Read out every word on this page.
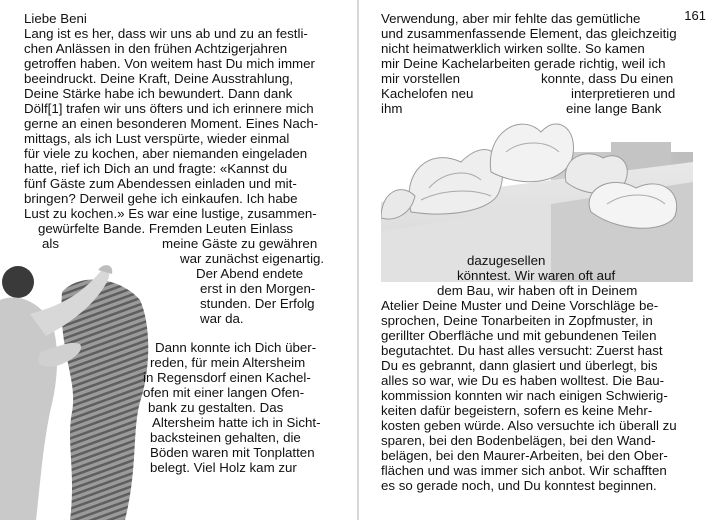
Liebe Beni
Lang ist es her, dass wir uns ab und zu an festli-
chen Anlässen in den frühen Achtzigerjahren
getroffen haben. Von weitem hast Du mich immer
beeindruckt. Deine Kraft, Deine Ausstrahlung,
Deine Stärke habe ich bewundert. Dann dank
Dölf[1] trafen wir uns öfters und ich erinnere mich
gerne an einen besonderen Moment. Eines Nach-
mittags, als ich Lust verspürte, wieder einmal
für viele zu kochen, aber niemanden eingeladen
hatte, rief ich Dich an und fragte: «Kannst du
fünf Gäste zum Abendessen einladen und mit-
bringen? Derweil gehe ich einkaufen. Ich habe
Lust zu kochen.» Es war eine lustige, zusammen-
gewürfelte Bande. Fremden Leuten Einlass
als	meine Gäste zu gewähren
war zunächst eigenartig.
Der Abend endete
erst in den Morgen-
stunden. Der Erfolg
war da.
Dann konnte ich Dich über-
reden, für mein Altersheim
in Regensdorf einen Kachel-
ofen mit einer langen Ofen-
bank zu gestalten. Das
Altersheim hatte ich in Sicht-
backsteinen gehalten, die
Böden waren mit Tonplatten
belegt. Viel Holz kam zur
161
Verwendung, aber mir fehlte das gemütliche
und zusammenfassende Element, das gleichzeitig
nicht heimatwerklich wirken sollte. So kamen
mir Deine Kachelarbeiten gerade richtig, weil ich
mir vorstellen	konnte, dass Du einen
Kachelofen neu	interpretieren und
ihm	eine lange Bank
dazugesellen
könntest. Wir waren oft auf
dem Bau, wir haben oft in Deinem
Atelier Deine Muster und Deine Vorschläge be-
sprochen, Deine Tonarbeiten in Zopfmuster, in
gerillter Oberfläche und mit gebundenen Teilen
begutachtet. Du hast alles versucht: Zuerst hast
Du es gebrannt, dann glasiert und überlegt, bis
alles so war, wie Du es haben wolltest. Die Bau-
kommission konnten wir nach einigen Schwierig-
keiten dafür begeistern, sofern es keine Mehr-
kosten geben würde. Also versuchte ich überall zu
sparen, bei den Bodenbelägen, bei den Wand-
belägen, bei den Maurer-Arbeiten, bei den Ober-
flächen und was immer sich anbot. Wir schafften
es so gerade noch, und Du konntest beginnen.
